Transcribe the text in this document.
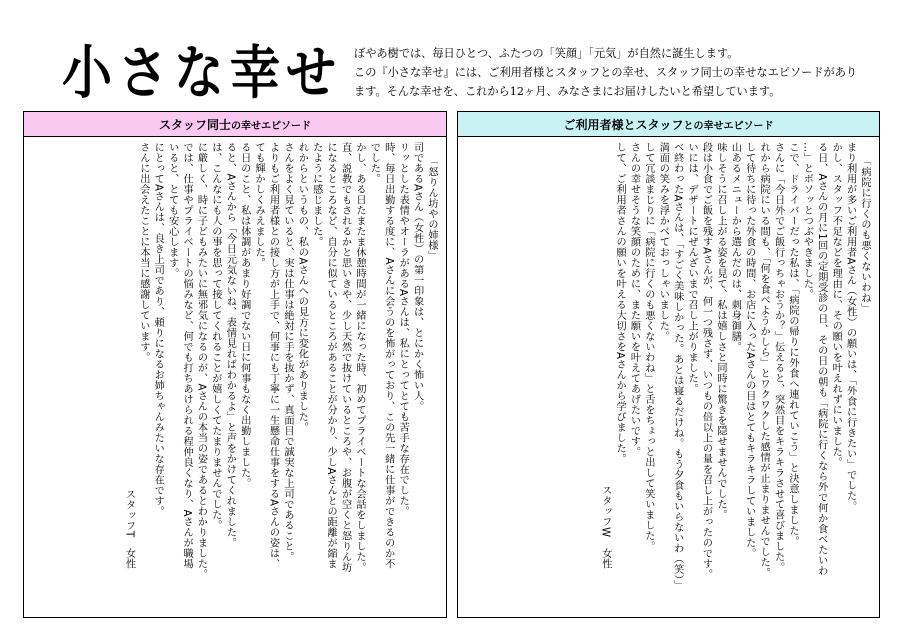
小さな幸せ ぼやあ樹では、毎日ひとつ、ふたつの「笑顔」「元気」が自然に誕生します。

この『小さな幸せ』には、ご利用者様とスタッフとの幸せ、スタッフ同士の幸せなエピソードがあり

ます。そんな幸せを、これから12ヶ月、みなさまにお届けしたいと希望しています。

スタッフ同士 の幸せエピソード

「怒りん坊やの姉様」

司であるAさん（女性）の第一印象は、とにかく怖い人。

リッとした表情やオーラがあるAさんは、私にとってとても苦手な存在でした。

時、毎日出勤する度に、Aさんに会うのを怖がっており、この先一緒に仕事ができるのか不

でした。

かし、ある日たまたま休憩時間が一緒になった時、初めてプライベートな会話をしました。

直、説教でもされるかと思いきや、少し天然で抜けているところや、お腹が空くと怒りん坊

になるところなど、自分に似ているところがあることが分かり、少しAさんとの距離が縮ま

たように感じました。

れからというもの、私のAさんへの見方に変化がありました。

さんをよく見ていると、実は仕事は絶対に手を抜かず、真面目で誠実な上司であること。

よりもご利用者様との接し方が上手で、何事にも丁寧に一生懸命仕事をするAさんの姿は、

ても輝かしくみえました。

る日のこと、私は体調があまり好調でない日に何事もなく出勤しました。

ると、Aさんから「今日元気ないね、表情見ればわかるよ」と声をかけてくれました。

は、こんなにも人の事を思って接してくれることが嬉しくてたまりませんでした。

に厳しく、時に子どもみたいに無邪気になるのが、Aさんの本当の姿であるとわかりました。

では、仕事やプライベートの悩みなど、何でも打ちあけられる程仲良くなり、Aさんが職場

いると、とても安心します。

にとってAさんは、良き上司であり、頼りになるお姉ちゃんみたいな存在です。

さんに出会えたことに本当に感謝しています。

スタッフT　女性

ご利用者様とスタッフ との幸せエピソード

「病院に行くのも悪くないわね」

まり利用が多いご利用者Aさん（女性）の願いは、「外食に行きたい」でした。

かし、スタッフ不足などを理由に、その願いを叶えれずにいました。

る日、Aさんの月に1回の定期受診の日、その日の朝も「病院に行くなら外で何か食べたいわ

…」とボソッとつぶやきました。

こで、ドライバーだった私は、「病院の帰りに外食へ連れていこう」と決意しました。

さんに「今日外でご飯行っちゃおうか？」伝えると、突然目をキラキラさせて喜びました。

れから病院にいる間も、「何を食べようかしら」とワクワクした感情が止まりませんでした。

して待ちに待った外食の時間、お店に入ったAさんの目はとてもキラキラしていました。

山あるメニューから選んだのは、刺身御膳。

味しそうに召し上がる姿を見て、私は嬉しさと同時に驚きを隠せませんでした。

段は小食でご飯を残すAさんが、何一つ残さず、いつもの倍以上の量を召し上がったのです。

いには、デザートにぜんざいまで召し上がりました。

べ終わったAさんは、「すごく美味しかった。あとは寝るだけね。もう夕食もいらないわ（笑）」

満面の笑みを浮かべておっしゃいました。

して冗談まじりに「病院に行くのも悪くないわね」と舌をちょっと出して笑いました。

さんの幸せそうな笑顔のために、また願いを叶えてあげたいです。

して、ご利用者さんの願いを叶える大切さをAさんから学びました。

スタッフW　女性
